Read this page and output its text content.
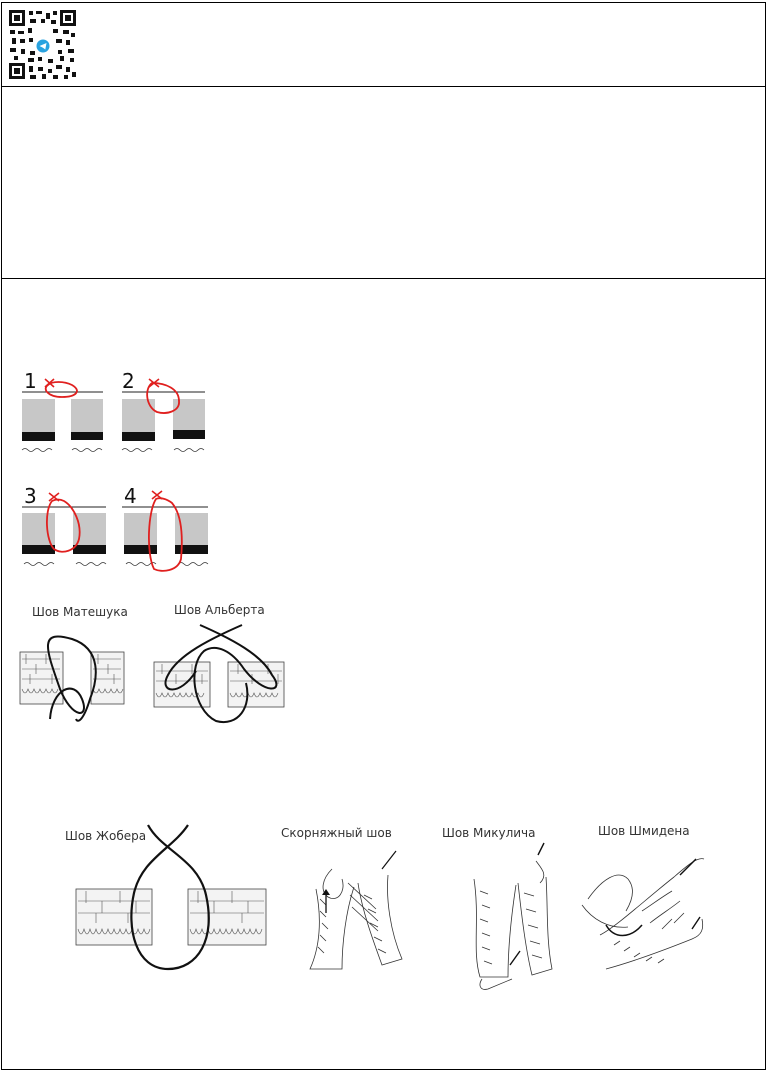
1	2
3	4
Шов Матешука	Шов Альберта
Шов Жобера	Скорняжный шов	Шов Микулича	Шов Шмидена
